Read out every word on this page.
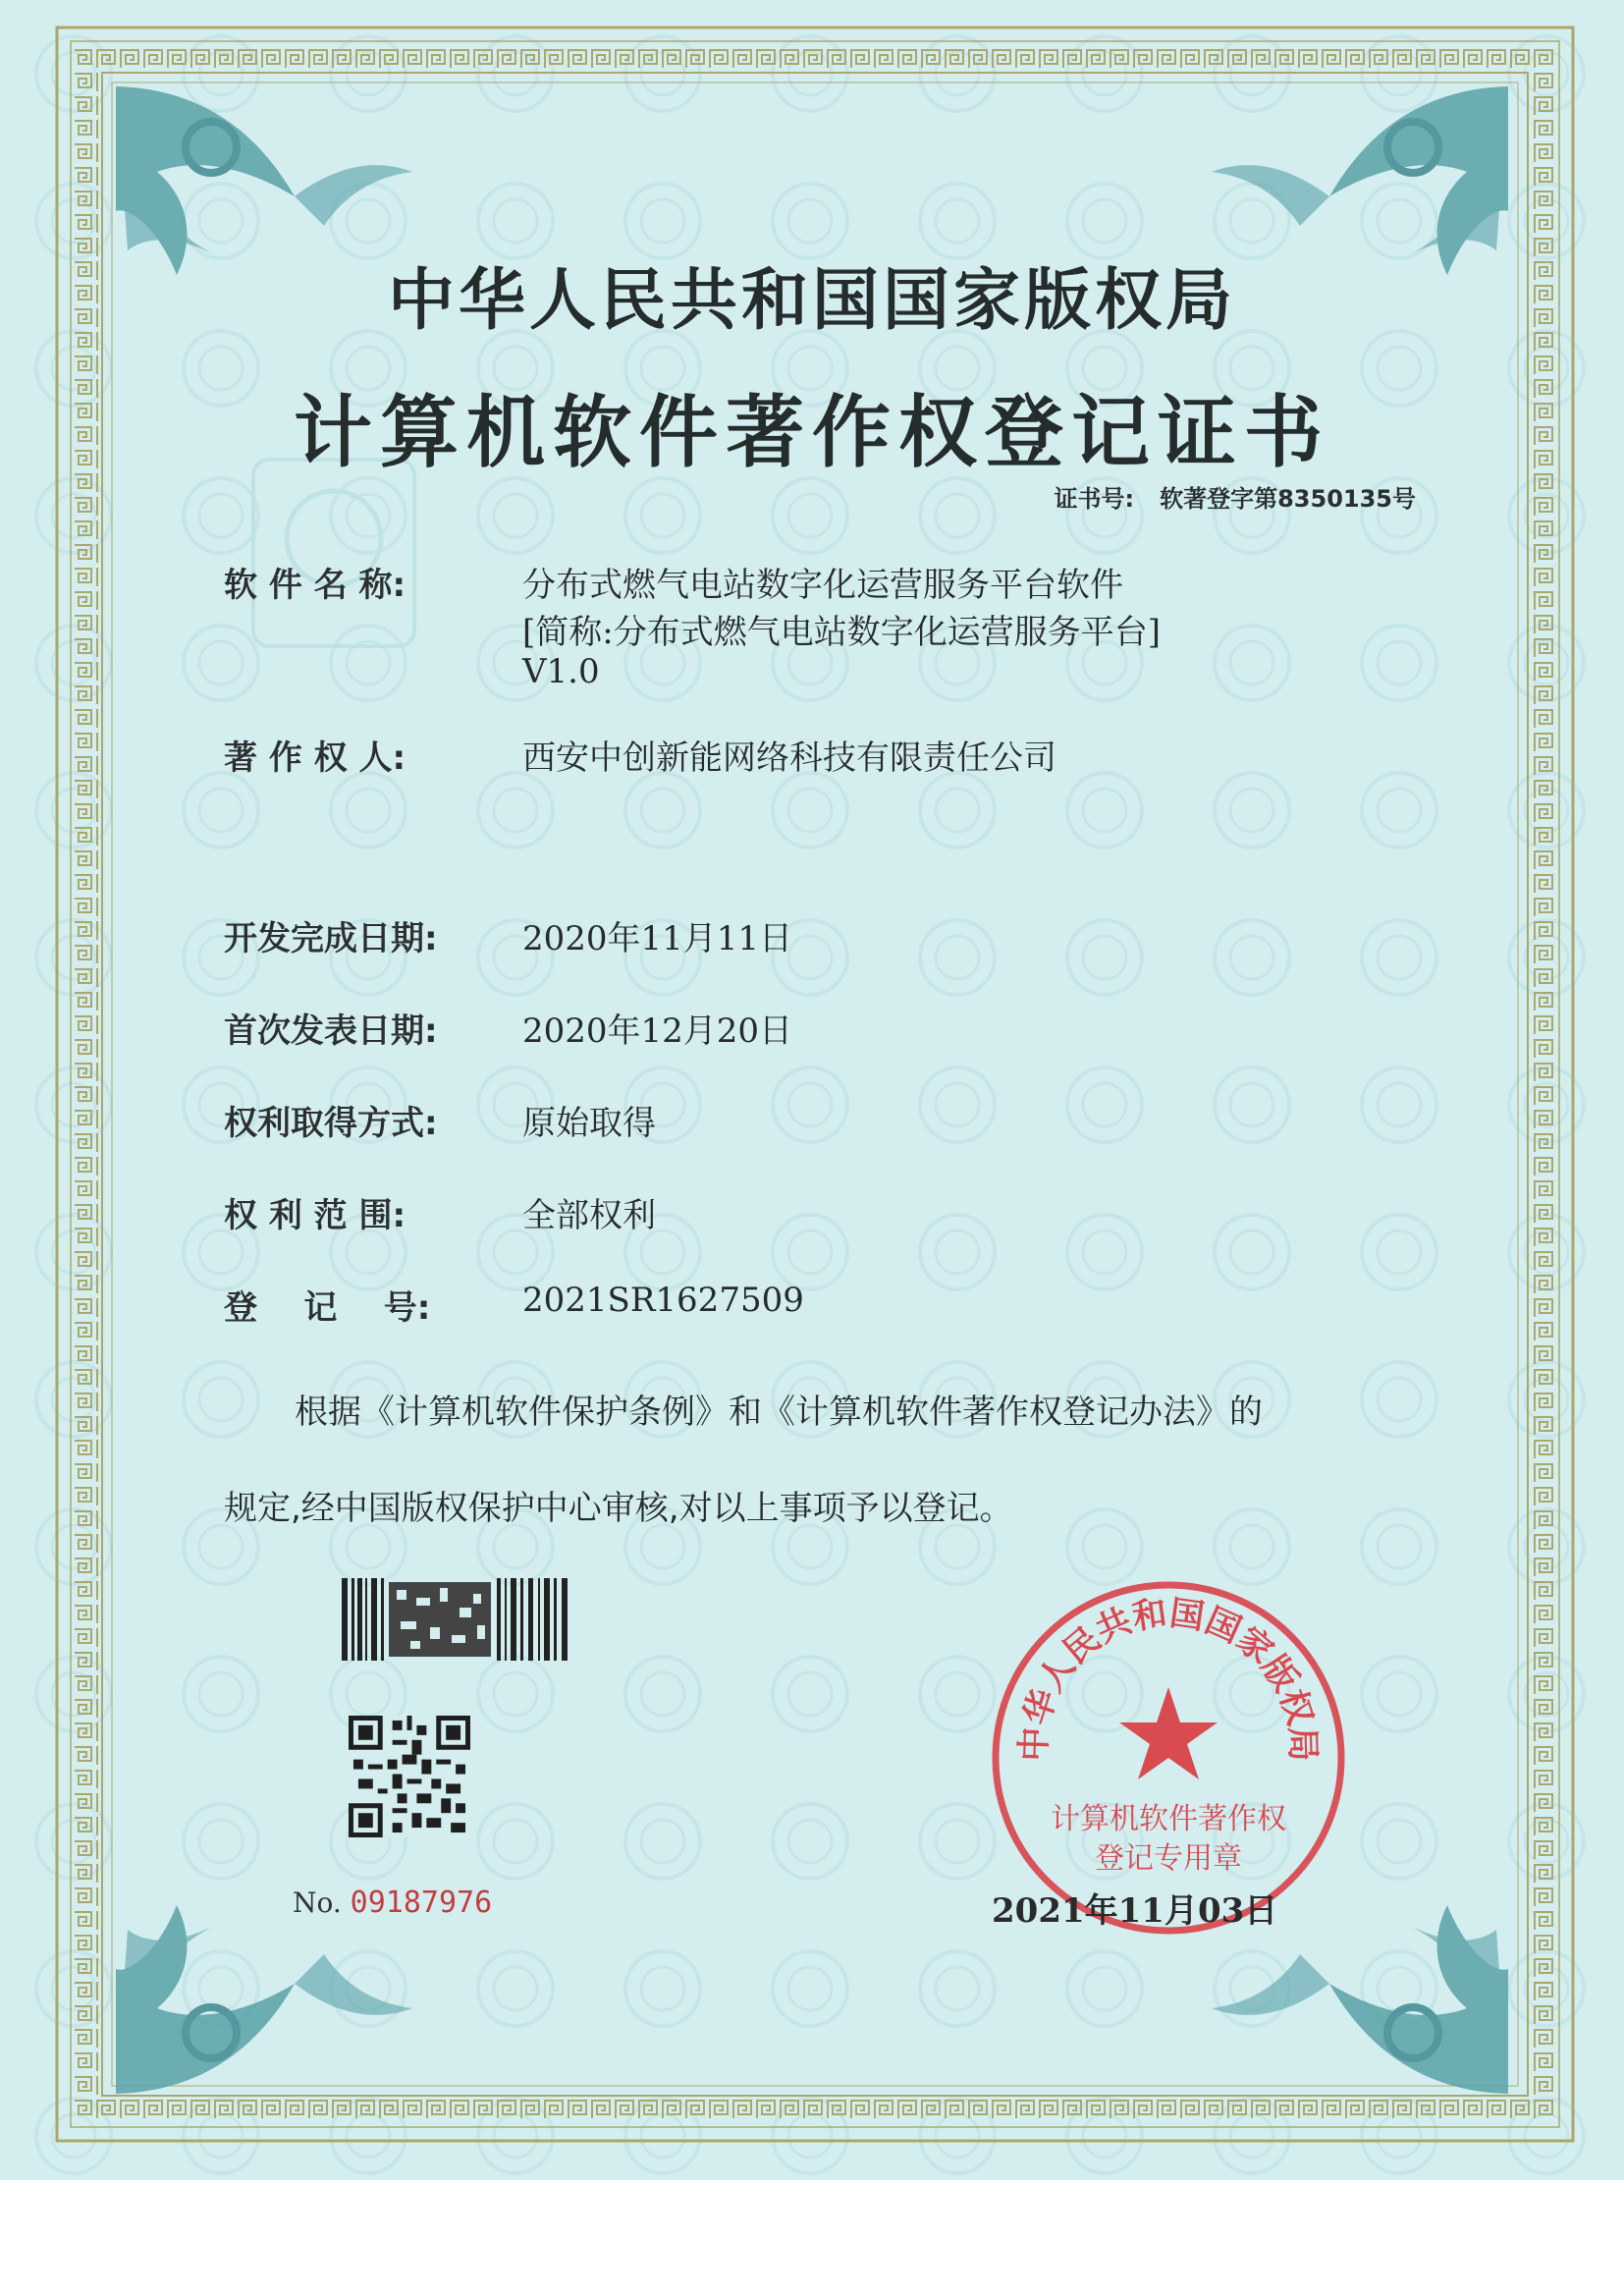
中华人民共和国国家版权局
计算机软件著作权登记证书
证书号: 软著登字第8350135号
软 件 名 称:	分布式燃气电站数字化运营服务平台软件
[简称:分布式燃气电站数字化运营服务平台]
V1.0
著 作 权 人:	西安中创新能网络科技有限责任公司
开发完成日期:	2020年11月11日
首次发表日期:	2020年12月20日
权利取得方式:	原始取得
权 利 范 围:	全部权利
登    记    号:	2021SR1627509
根据《计算机软件保护条例》和《计算机软件著作权登记办法》的
规定,经中国版权保护中心审核,对以上事项予以登记。
No. 09187976
中华人民共和国国家版权局
计算机软件著作权
登记专用章
2021年11月03日
